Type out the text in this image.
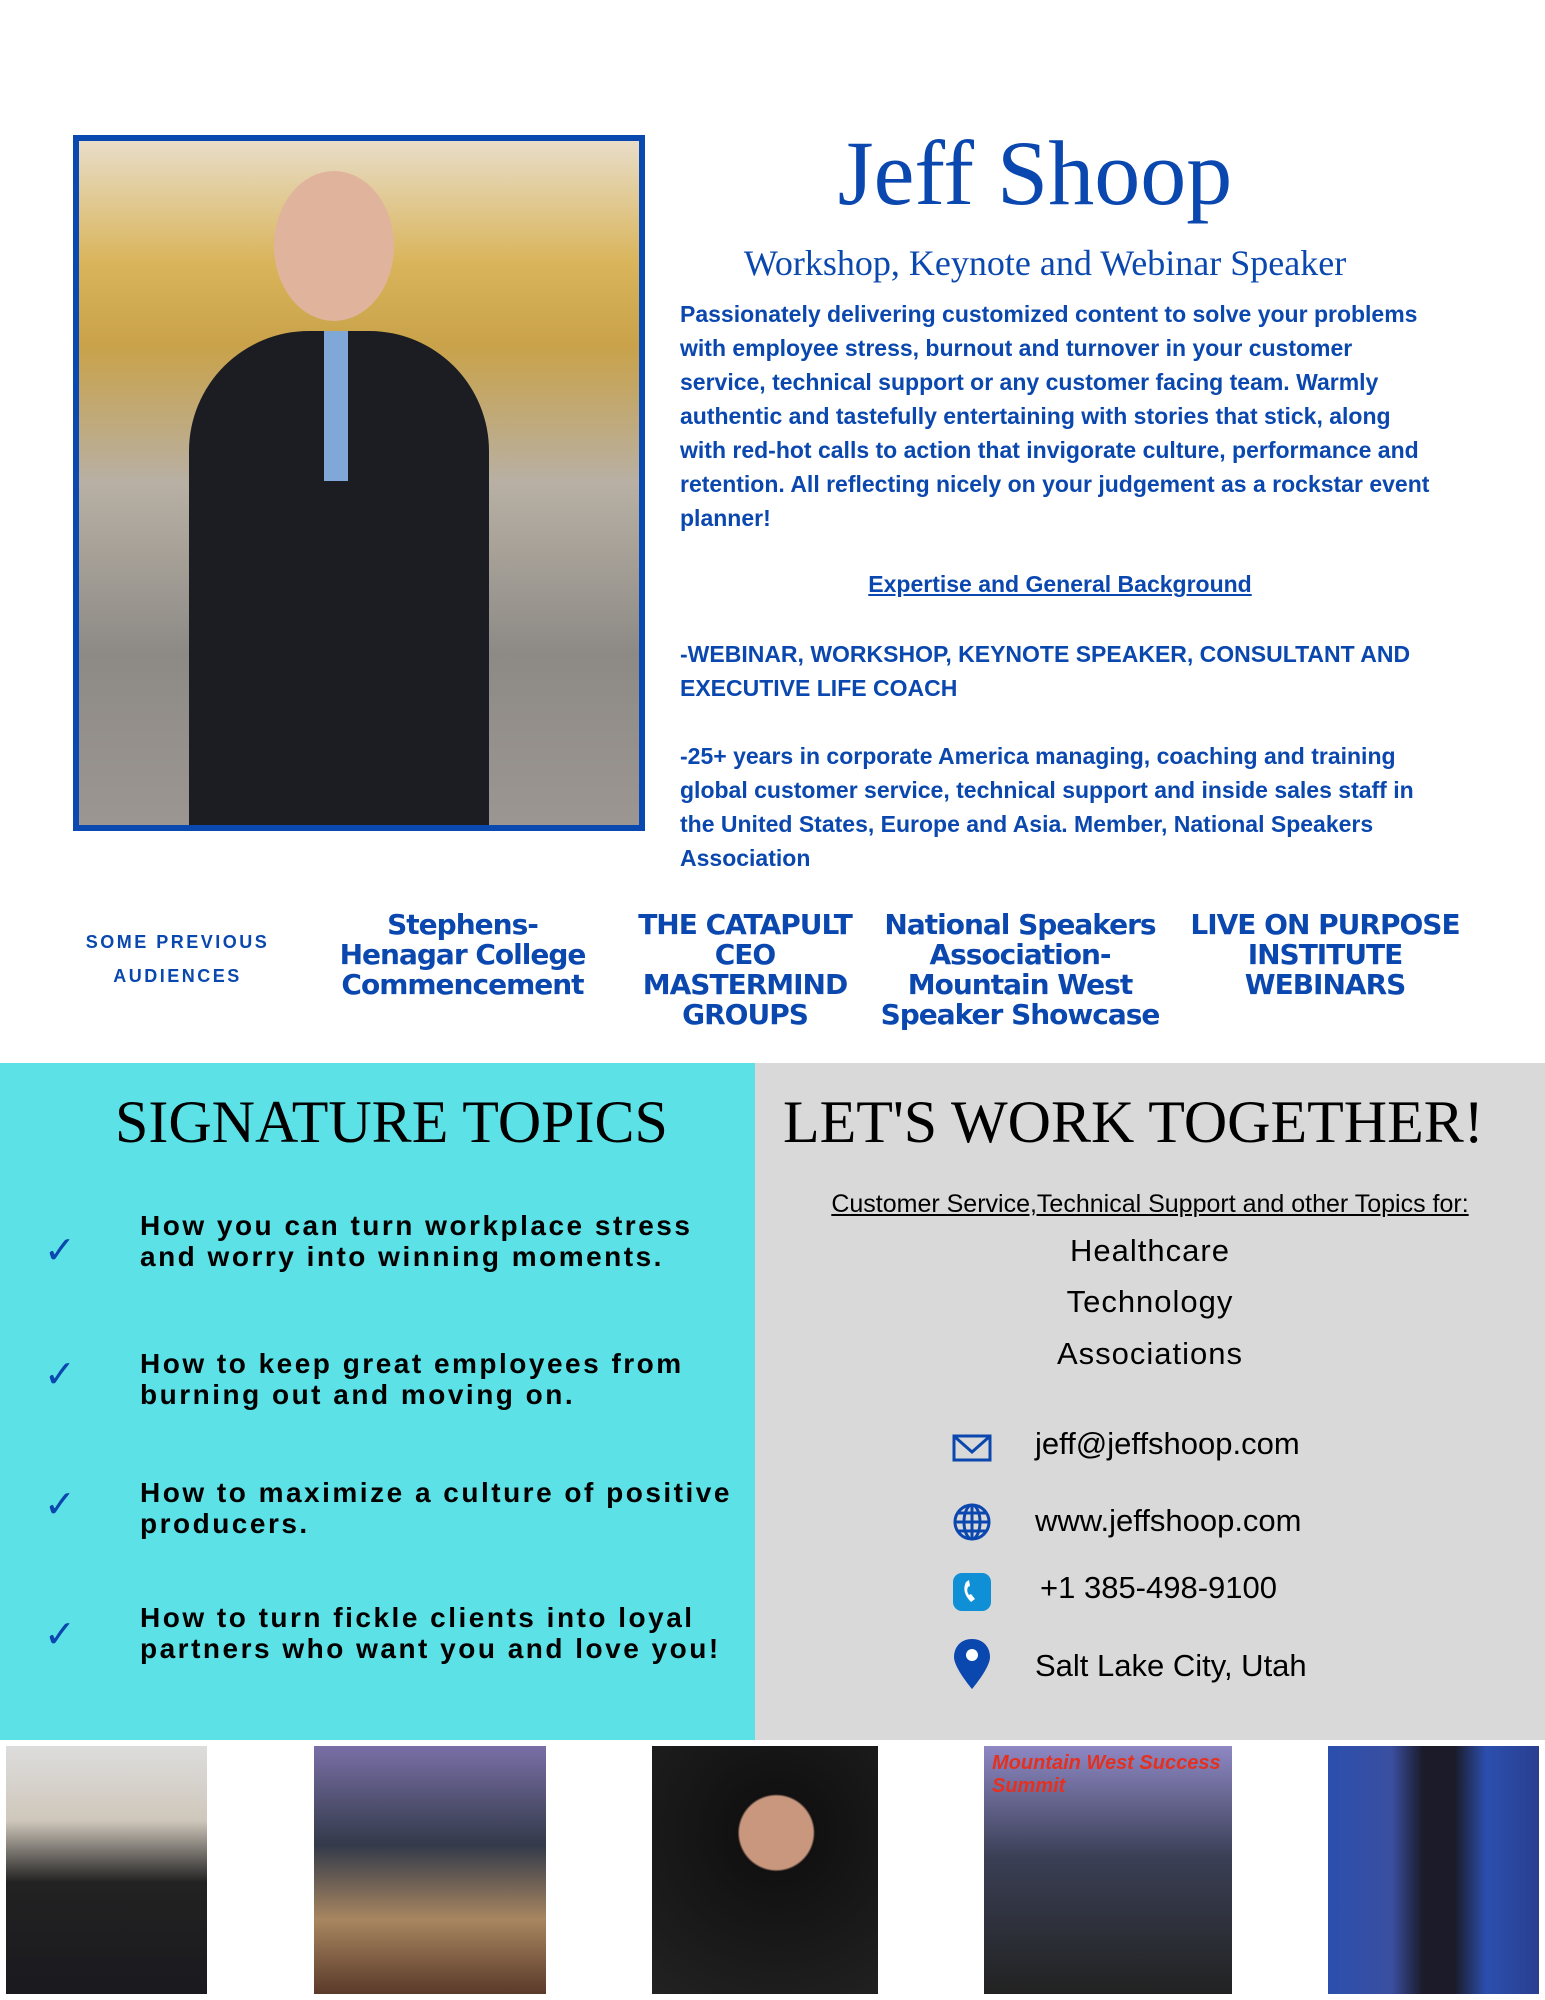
Jeff Shoop
Workshop, Keynote and Webinar Speaker
Passionately delivering customized content to solve your problems with employee stress, burnout and turnover in your customer service, technical support or any customer facing team. Warmly authentic and tastefully entertaining with stories that stick, along with red-hot calls to action that invigorate culture, performance and retention. All reflecting nicely on your judgement as a rockstar event planner!
Expertise and General Background
-WEBINAR, WORKSHOP, KEYNOTE SPEAKER, CONSULTANT AND EXECUTIVE LIFE COACH
-25+ years in corporate America managing, coaching and training global customer service, technical support and inside sales staff in the United States, Europe and Asia. Member, National Speakers Association
SOME PREVIOUS AUDIENCES
Stephens-Henagar College Commencement
THE CATAPULT CEO MASTERMIND GROUPS
National Speakers Association-Mountain West Speaker Showcase
LIVE ON PURPOSE INSTITUTE WEBINARS
SIGNATURE TOPICS
✓
How you can turn workplace stress and worry into winning moments.
✓ How to keep great employees from burning out and moving on.
✓ How to maximize a culture of positive producers.
✓ How to turn fickle clients into loyal partners who want you and love you!
LET'S WORK TOGETHER!
Customer Service,Technical Support and other Topics for:
Healthcare
Technology
Associations
jeff@jeffshoop.com
www.jeffshoop.com
+1 385-498-9100
Salt Lake City, Utah
Mountain West Success Summit
